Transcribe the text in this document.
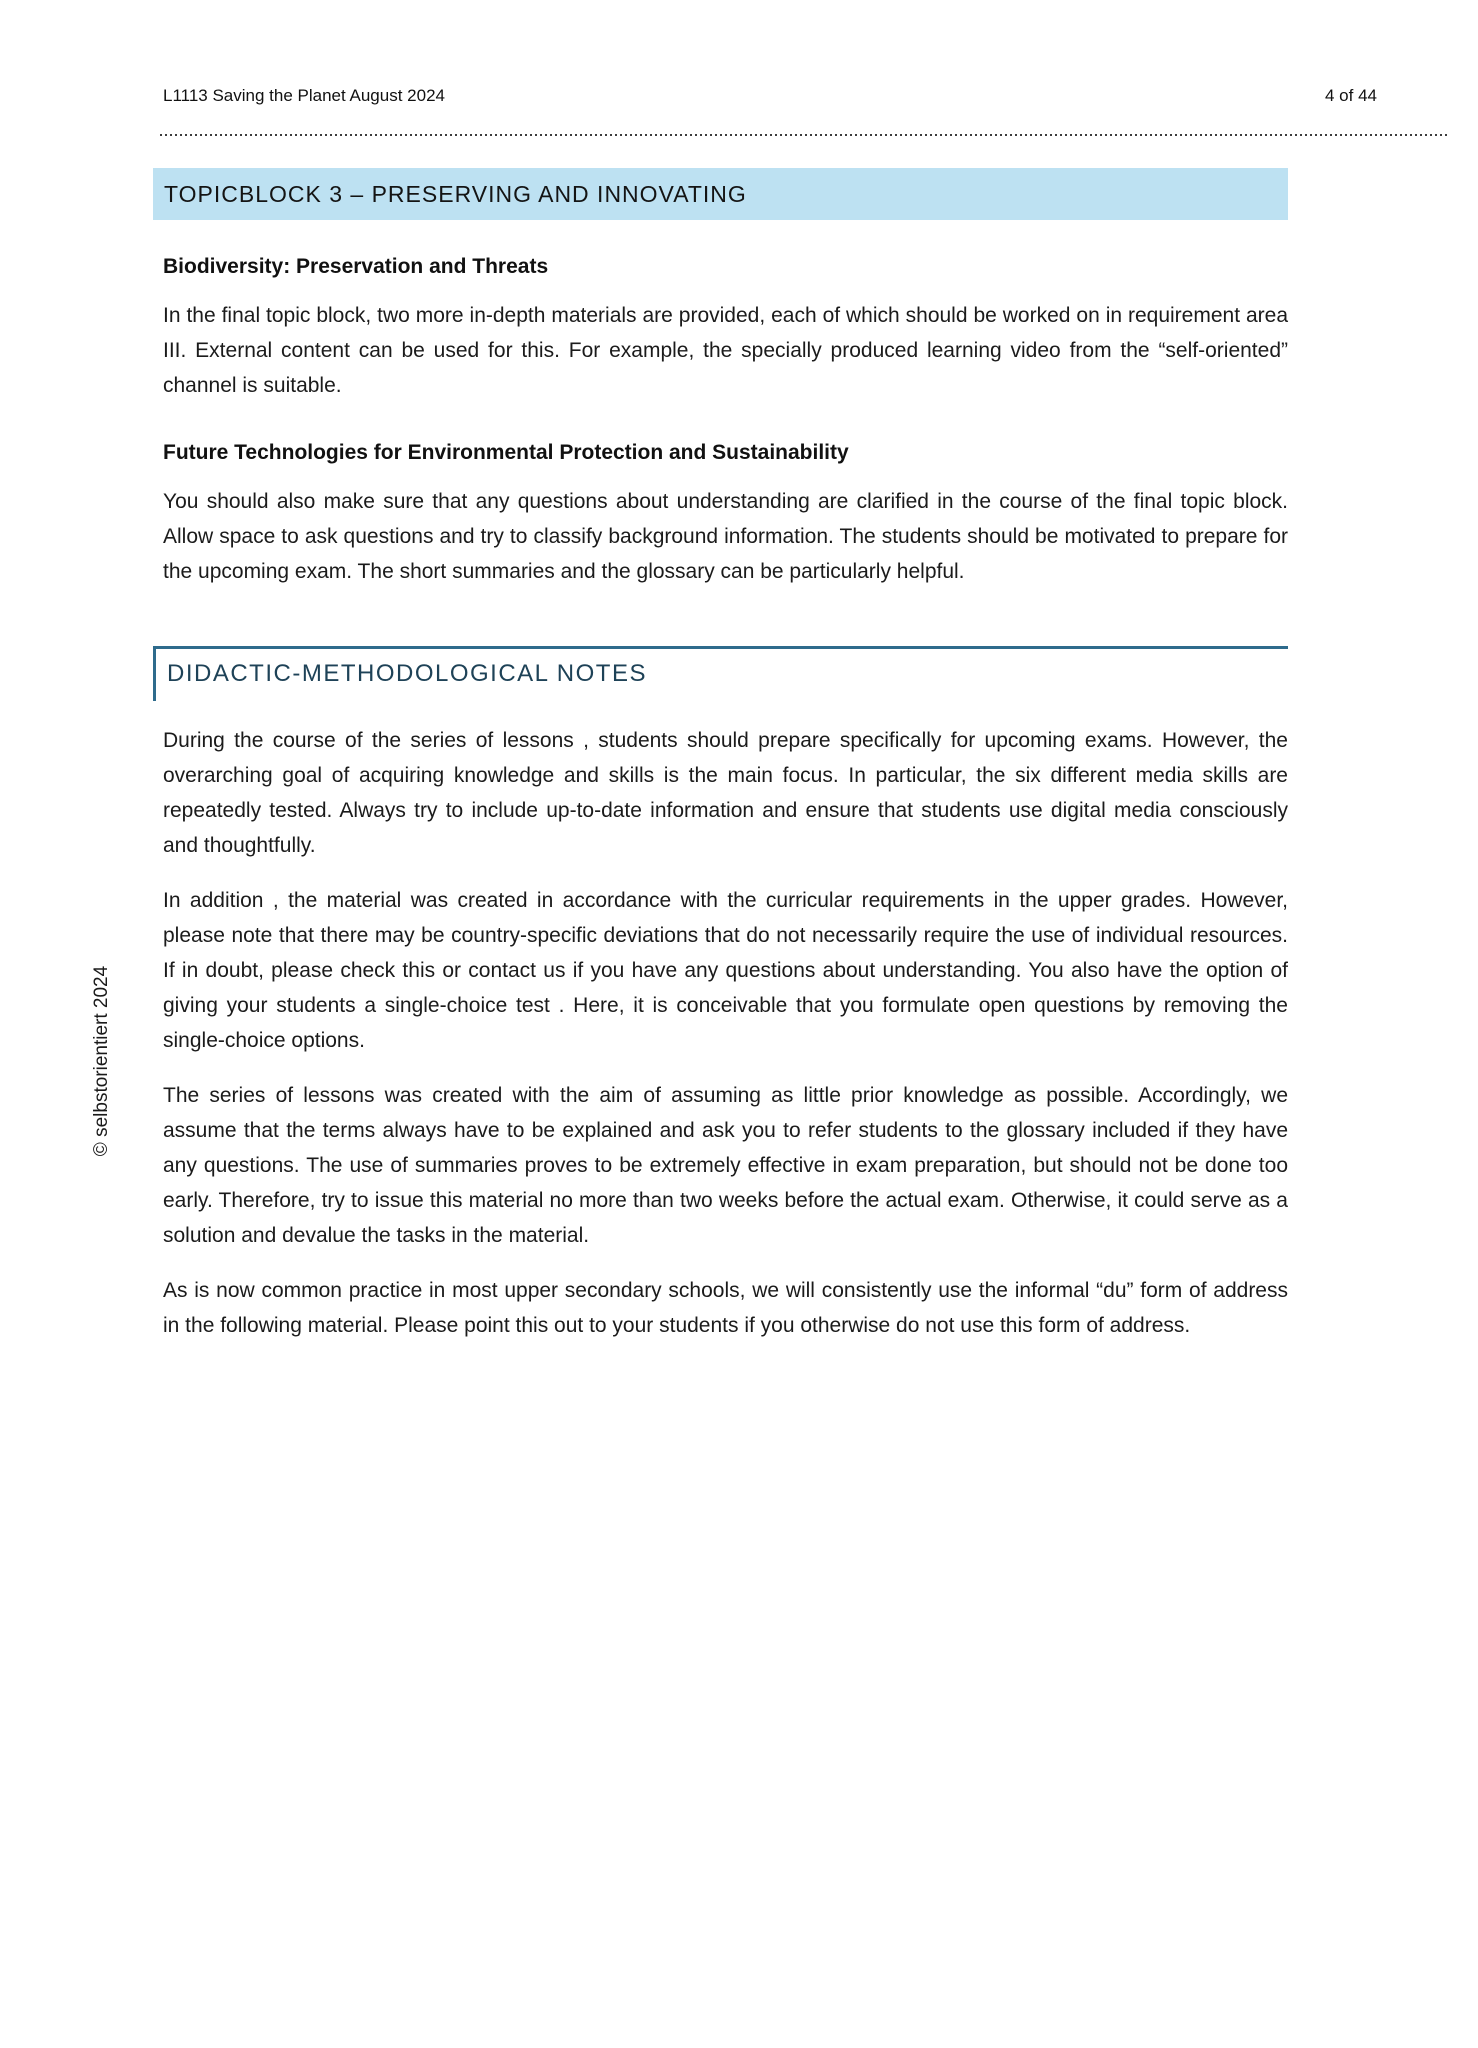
L1113 Saving the Planet August 2024	4 of 44
TOPICBLOCK 3 – PRESERVING AND INNOVATING
Biodiversity: Preservation and Threats

In the final topic block, two more in-depth materials are provided, each of which should be worked on in requirement area III. External content can be used for this. For example, the specially produced learning video from the “self-oriented” channel is suitable.

Future Technologies for Environmental Protection and Sustainability

You should also make sure that any questions about understanding are clarified in the course of the final topic block. Allow space to ask questions and try to classify background information. The students should be motivated to prepare for the upcoming exam. The short summaries and the glossary can be particularly helpful.

DIDACTIC-METHODOLOGICAL NOTES

During the course of the series of lessons , students should prepare specifically for upcoming exams. However, the overarching goal of acquiring knowledge and skills is the main focus. In particular, the six different media skills are repeatedly tested. Always try to include up-to-date information and ensure that students use digital media consciously and thoughtfully.

In addition , the material was created in accordance with the curricular requirements in the upper grades. However, please note that there may be country-specific deviations that do not necessarily require the use of individual resources. If in doubt, please check this or contact us if you have any questions about understanding. You also have the option of giving your students a single-choice test . Here, it is conceivable that you formulate open questions by removing the single-choice options.

The series of lessons was created with the aim of assuming as little prior knowledge as possible. Accordingly, we assume that the terms always have to be explained and ask you to refer students to the glossary included if they have any questions. The use of summaries proves to be extremely effective in exam preparation, but should not be done too early. Therefore, try to issue this material no more than two weeks before the actual exam. Otherwise, it could serve as a solution and devalue the tasks in the material.

As is now common practice in most upper secondary schools, we will consistently use the informal “du” form of address in the following material. Please point this out to your students if you otherwise do not use this form of address.

© selbstorientiert 2024
